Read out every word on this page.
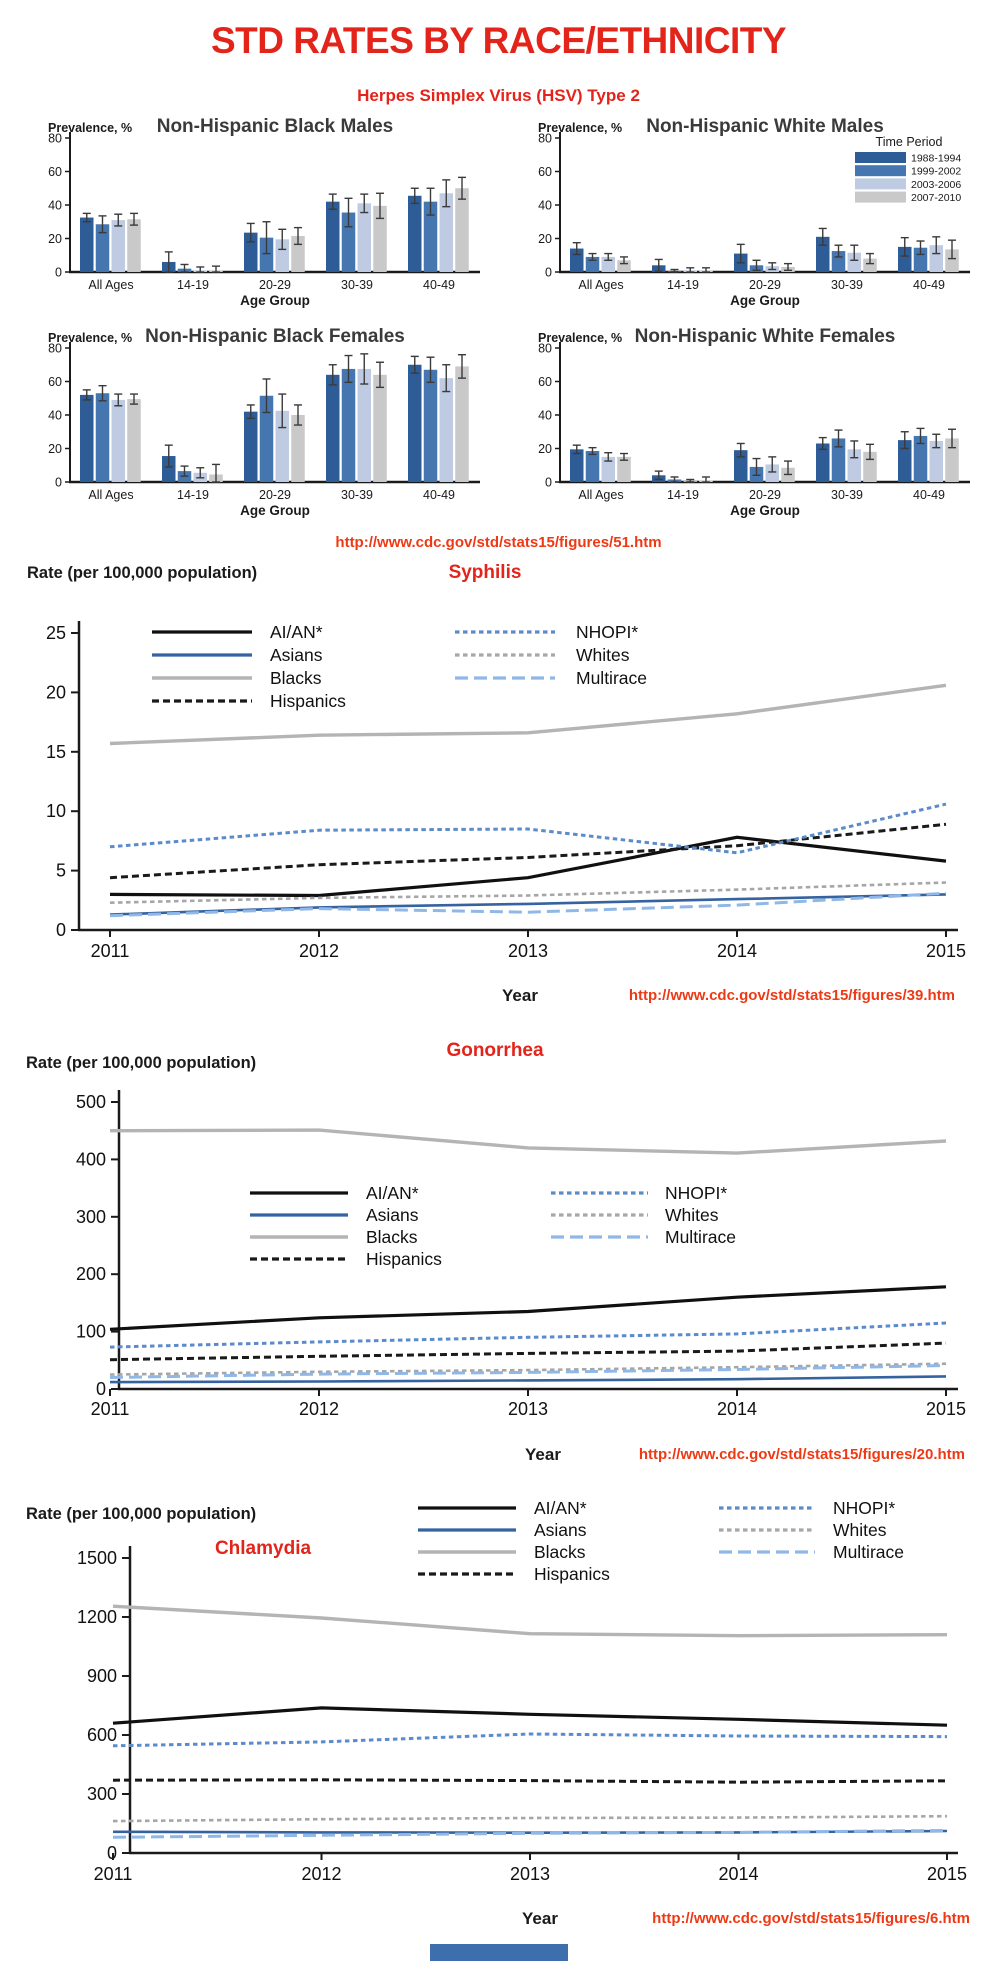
STD RATES BY RACE/ETHNICITY
Herpes Simplex Virus (HSV) Type 2
Non-Hispanic Black Males
Prevalence, %
0
20
40
60
80
All Ages	14-19	20-29	30-39	40-49
Age Group
Non-Hispanic White Males
Prevalence, %
0
20
40
60
80
All Ages	14-19	20-29	30-39	40-49
Age Group
Time Period
1988-1994
1999-2002
2003-2006
2007-2010
Non-Hispanic Black Females
Prevalence, %
0
20
40
60
80
All Ages	14-19	20-29	30-39	40-49
Age Group
Non-Hispanic White Females
Prevalence, %
0
20
40
60
80
All Ages	14-19	20-29	30-39	40-49
Age Group
http://www.cdc.gov/std/stats15/figures/51.htm
Rate (per 100,000 population)	Syphilis
0
5
10
15
20
25
2011	2012	2013	2014	2015
AI/AN*
Asians
Blacks
Hispanics
NHOPI*
Whites
Multirace
Year	http://www.cdc.gov/std/stats15/figures/39.htm
Gonorrhea
Rate (per 100,000 population)
0
100
200
300
400
500
2011	2012	2013	2014	2015
AI/AN*
Asians
Blacks
Hispanics
NHOPI*
Whites
Multirace
Year	http://www.cdc.gov/std/stats15/figures/20.htm
0
300
600
900
1200
1500
2011	2012	2013	2014	2015
AI/AN*
Asians
Blacks
Hispanics
NHOPI*
Whites
Multirace
Rate (per 100,000 population)
Chlamydia
Year	http://www.cdc.gov/std/stats15/figures/6.htm
